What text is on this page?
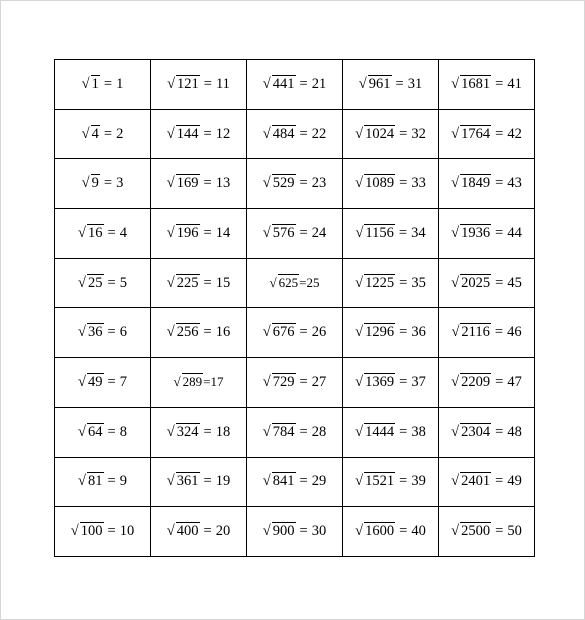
√ 1 = 1	√ 121 = 11	√ 441 = 21	√ 961 = 31	√ 1681 = 41
√ 4 = 2	√ 144 = 12	√ 484 = 22	√ 1024 = 32	√ 1764 = 42
√ 9 = 3	√ 169 = 13	√ 529 = 23	√ 1089 = 33	√ 1849 = 43
√ 16 = 4	√ 196 = 14	√ 576 = 24	√ 1156 = 34	√ 1936 = 44
√ 25 = 5	√ 225 = 15	√ 625=25	√ 1225 = 35	√ 2025 = 45
√ 36 = 6	√ 256 = 16	√ 676 = 26	√ 1296 = 36	√ 2116 = 46
√ 49 = 7	√ 289=17	√ 729 = 27	√ 1369 = 37	√ 2209 = 47
√ 64 = 8	√ 324 = 18	√ 784 = 28	√ 1444 = 38	√ 2304 = 48
√ 81 = 9	√ 361 = 19	√ 841 = 29	√ 1521 = 39	√ 2401 = 49
√ 100 = 10	√ 400 = 20	√ 900 = 30	√ 1600 = 40	√ 2500 = 50
